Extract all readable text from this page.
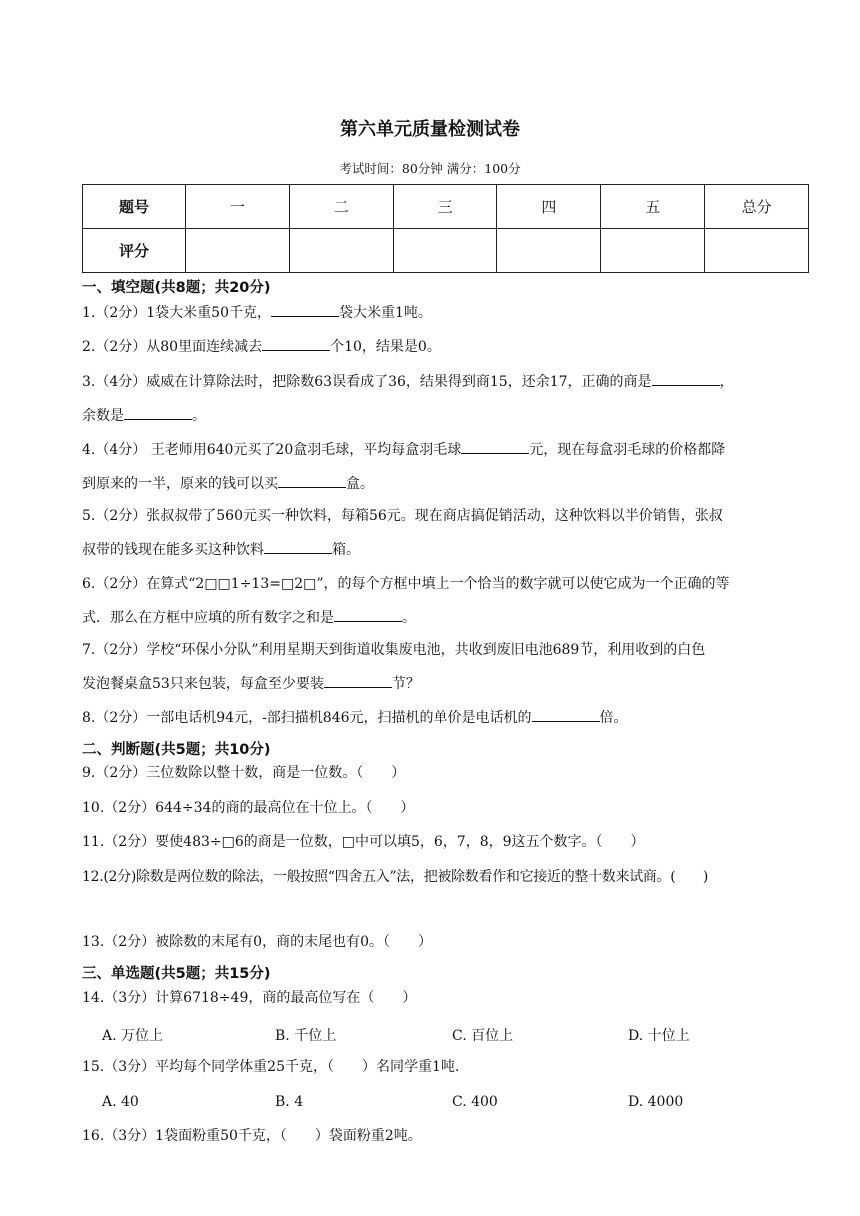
第六单元质量检测试卷
考试时间：80分钟 满分：100分
题号	一	二	三	四	五	总分
评分						
一、填空题(共8题；共20分)
1.（2分）1袋大米重50千克，	袋大米重1吨。
2.（2分）从80里面连续减去	个10，结果是0。
3.（4分）威威在计算除法时，把除数63误看成了36，结果得到商15，还余17，正确的商是	，
余数是	。
4.（4分） 王老师用640元买了20盒羽毛球，平均每盒羽毛球	元，现在每盒羽毛球的价格都降
到原来的一半，原来的钱可以买	盒。
5.（2分）张叔叔带了560元买一种饮料，每箱56元。现在商店搞促销活动，这种饮料以半价销售，张叔
叔带的钱现在能多买这种饮料	箱。
6.（2分）在算式“2□□1÷13=□2□”，的每个方框中填上一个恰当的数字就可以使它成为一个正确的等
式．那么在方框中应填的所有数字之和是	。
7.（2分）学校“环保小分队”利用星期天到街道收集废电池，共收到废旧电池689节，利用收到的白色
发泡餐桌盒53只来包装，每盒至少要装	节？
8.（2分）一部电话机94元，-部扫描机846元，扫描机的单价是电话机的	倍。
二、判断题(共5题；共10分)
9.（2分）三位数除以整十数，商是一位数。（　　）
10.（2分）644÷34的商的最高位在十位上。（　　）
11.（2分）要使483÷□6的商是一位数，□中可以填5，6，7，8，9这五个数字。（　　）
12.(2分)除数是两位数的除法，一般按照“四舍五入”法，把被除数看作和它接近的整十数来试商。(　　)
13.（2分）被除数的末尾有0，商的末尾也有0。（　　）
三、单选题(共5题；共15分)
14.（3分）计算6718÷49，商的最高位写在（　　）
A. 万位上	B. 千位上	C. 百位上	D. 十位上
15.（3分）平均每个同学体重25千克，（　　）名同学重1吨.
A. 40	B. 4	C. 400	D. 4000
16.（3分）1袋面粉重50千克，（　　）袋面粉重2吨。
